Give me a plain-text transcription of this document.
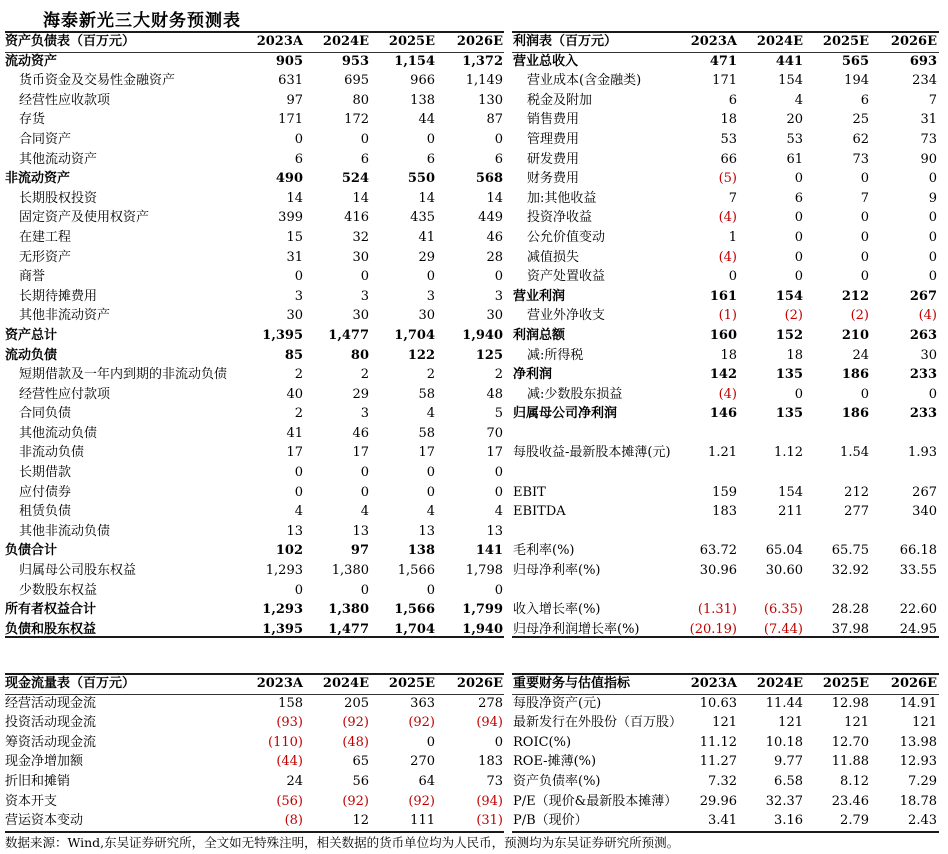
海泰新光三大财务预测表
资产负债表（百万元）	2023A	2024E	2025E	2026E
流动资产	905	953	1,154	1,372
货币资金及交易性金融资产	631	695	966	1,149
经营性应收款项	97	80	138	130
存货	171	172	44	87
合同资产	0	0	0	0
其他流动资产	6	6	6	6
非流动资产	490	524	550	568
长期股权投资	14	14	14	14
固定资产及使用权资产	399	416	435	449
在建工程	15	32	41	46
无形资产	31	30	29	28
商誉	0	0	0	0
长期待摊费用	3	3	3	3
其他非流动资产	30	30	30	30
资产总计	1,395	1,477	1,704	1,940
流动负债	85	80	122	125
短期借款及一年内到期的非流动负债	2	2	2	2
经营性应付款项	40	29	58	48
合同负债	2	3	4	5
其他流动负债	41	46	58	70
非流动负债	17	17	17	17
长期借款	0	0	0	0
应付债券	0	0	0	0
租赁负债	4	4	4	4
其他非流动负债	13	13	13	13
负债合计	102	97	138	141
归属母公司股东权益	1,293	1,380	1,566	1,798
少数股东权益	0	0	0	0
所有者权益合计	1,293	1,380	1,566	1,799
负债和股东权益	1,395	1,477	1,704	1,940
利润表（百万元）	2023A	2024E	2025E	2026E
营业总收入	471	441	565	693
营业成本(含金融类)	171	154	194	234
税金及附加	6	4	6	7
销售费用	18	20	25	31
管理费用	53	53	62	73
研发费用	66	61	73	90
财务费用	(5)	0	0	0
加:其他收益	7	6	7	9
投资净收益	(4)	0	0	0
公允价值变动	1	0	0	0
减值损失	(4)	0	0	0
资产处置收益	0	0	0	0
营业利润	161	154	212	267
营业外净收支	(1)	(2)	(2)	(4)
利润总额	160	152	210	263
减:所得税	18	18	24	30
净利润	142	135	186	233
减:少数股东损益	(4)	0	0	0
归属母公司净利润	146	135	186	233

每股收益-最新股本摊薄(元)	1.21	1.12	1.54	1.93

EBIT	159	154	212	267
EBITDA	183	211	277	340

毛利率(%)	63.72	65.04	65.75	66.18
归母净利率(%)	30.96	30.60	32.92	33.55

收入增长率(%)	(1.31)	(6.35)	28.28	22.60
归母净利润增长率(%)	(20.19)	(7.44)	37.98	24.95
现金流量表（百万元）	2023A	2024E	2025E	2026E
经营活动现金流	158	205	363	278
投资活动现金流	(93)	(92)	(92)	(94)
筹资活动现金流	(110)	(48)	0	0
现金净增加额	(44)	65	270	183
折旧和摊销	24	56	64	73
资本开支	(56)	(92)	(92)	(94)
营运资本变动	(8)	12	111	(31)
重要财务与估值指标	2023A	2024E	2025E	2026E
每股净资产(元)	10.63	11.44	12.98	14.91
最新发行在外股份（百万股）	121	121	121	121
ROIC(%)	11.12	10.18	12.70	13.98
ROE-摊薄(%)	11.27	9.77	11.88	12.93
资产负债率(%)	7.32	6.58	8.12	7.29
P/E（现价&最新股本摊薄）	29.96	32.37	23.46	18.78
P/B（现价）	3.41	3.16	2.79	2.43
数据来源：Wind,东吴证券研究所，全文如无特殊注明，相关数据的货币单位均为人民币，预测均为东吴证券研究所预测。
